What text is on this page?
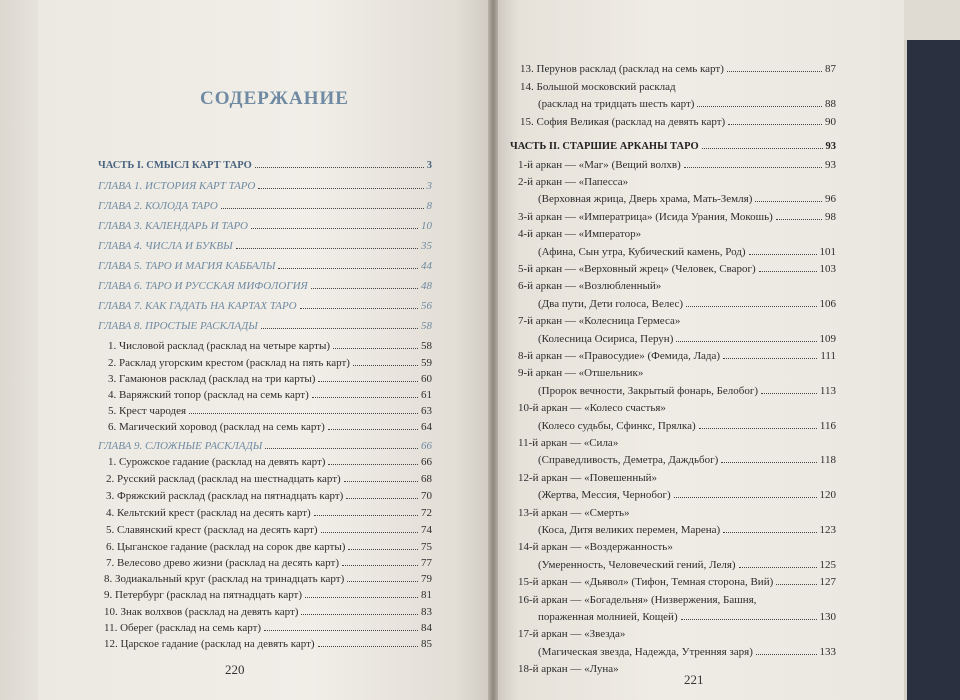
СОДЕРЖАНИЕ
ЧАСТЬ I. СМЫСЛ КАРТ ТАРО	3
ГЛАВА 1. ИСТОРИЯ КАРТ ТАРО	3
ГЛАВА 2. КОЛОДА ТАРО	8
ГЛАВА 3. КАЛЕНДАРЬ И ТАРО	10
ГЛАВА 4. ЧИСЛА И БУКВЫ	35
ГЛАВА 5. ТАРО И МАГИЯ КАББАЛЫ	44
ГЛАВА 6. ТАРО И РУССКАЯ МИФОЛОГИЯ	48
ГЛАВА 7. КАК ГАДАТЬ НА КАРТАХ ТАРО	56
ГЛАВА 8. ПРОСТЫЕ РАСКЛАДЫ	58
1. Числовой расклад (расклад на четыре карты)	58
2. Расклад угорским крестом (расклад на пять карт)	59
3. Гамаюнов расклад (расклад на три карты)	60
4. Варяжский топор (расклад на семь карт)	61
5. Крест чародея	63
6. Магический хоровод (расклад на семь карт)	64
ГЛАВА 9. СЛОЖНЫЕ РАСКЛАДЫ	66
1. Сурожское гадание (расклад на девять карт)	66
2. Русский расклад (расклад на шестнадцать карт)	68
3. Фряжский расклад (расклад на пятнадцать карт)	70
4. Кельтский крест (расклад на десять карт)	72
5. Славянский крест (расклад на десять карт)	74
6. Цыганское гадание (расклад на сорок две карты)	75
7. Велесово древо жизни (расклад на десять карт)	77
8. Зодиакальный круг (расклад на тринадцать карт)	79
9. Петербург (расклад на пятнадцать карт)	81
10. Знак волхвов (расклад на девять карт)	83
11. Оберег (расклад на семь карт)	84
12. Царское гадание (расклад на девять карт)	85
13. Перунов расклад (расклад на семь карт)	87
14. Большой московский расклад
(расклад на тридцать шесть карт)	88
15. София Великая (расклад на девять карт)	90
ЧАСТЬ II. СТАРШИЕ АРКАНЫ ТАРО	93
1-й аркан — «Маг» (Вещий волхв)	93
2-й аркан — «Папесса»
(Верховная жрица, Дверь храма, Мать-Земля)	96
3-й аркан — «Императрица» (Исида Урания, Мокошь)	98
4-й аркан — «Император»
(Афина, Сын утра, Кубический камень, Род)	101
5-й аркан — «Верховный жрец» (Человек, Сварог)	103
6-й аркан — «Возлюбленный»
(Два пути, Дети голоса, Велес)	106
7-й аркан — «Колесница Гермеса»
(Колесница Осириса, Перун)	109
8-й аркан — «Правосудие» (Фемида, Лада)	111
9-й аркан — «Отшельник»
(Пророк вечности, Закрытый фонарь, Белобог)	113
10-й аркан — «Колесо счастья»
(Колесо судьбы, Сфинкс, Прялка)	116
11-й аркан — «Сила»
(Справедливость, Деметра, Даждьбог)	118
12-й аркан — «Повешенный»
(Жертва, Мессия, Чернобог)	120
13-й аркан — «Смерть»
(Коса, Дитя великих перемен, Марена)	123
14-й аркан — «Воздержанность»
(Умеренность, Человеческий гений, Леля)	125
15-й аркан — «Дьявол» (Тифон, Темная сторона, Вий)	127
16-й аркан — «Богадельня» (Низвержения, Башня,
пораженная молнией, Кощей)	130
17-й аркан — «Звезда»
(Магическая звезда, Надежда, Утренняя заря)	133
18-й аркан — «Луна»
220
221
